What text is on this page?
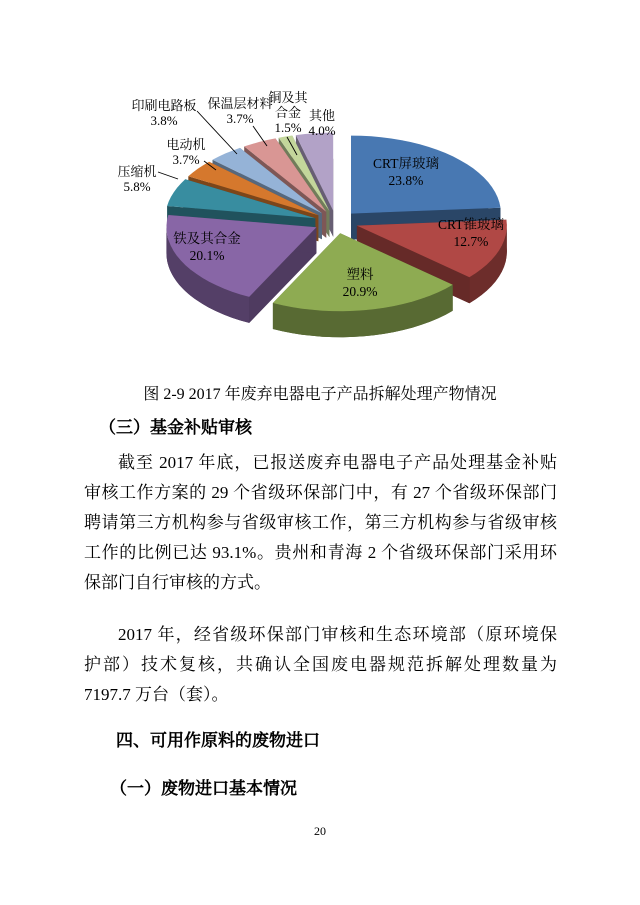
CRT屏玻璃
23.8%
CRT锥玻璃
12.7%
塑料
20.9%
铁及其合金
20.1%
压缩机
5.8%
电动机
3.7%
印刷电路板
3.8%
保温层材料
3.7%
铜及其
合金
1.5%
其他
4.0%
图 2-9 2017 年废弃电器电子产品拆解处理产物情况
（三）基金补贴审核
截至 2017 年底，已报送废弃电器电子产品处理基金补贴
审核工作方案的 29 个省级环保部门中，有 27 个省级环保部门
聘请第三方机构参与省级审核工作，第三方机构参与省级审核
工作的比例已达 93.1%。贵州和青海 2 个省级环保部门采用环
保部门自行审核的方式。
2017 年，经省级环保部门审核和生态环境部（原环境保
护部）技术复核，共确认全国废电器规范拆解处理数量为
7197.7 万台（套）。
四、可用作原料的废物进口
（一）废物进口基本情况
20
